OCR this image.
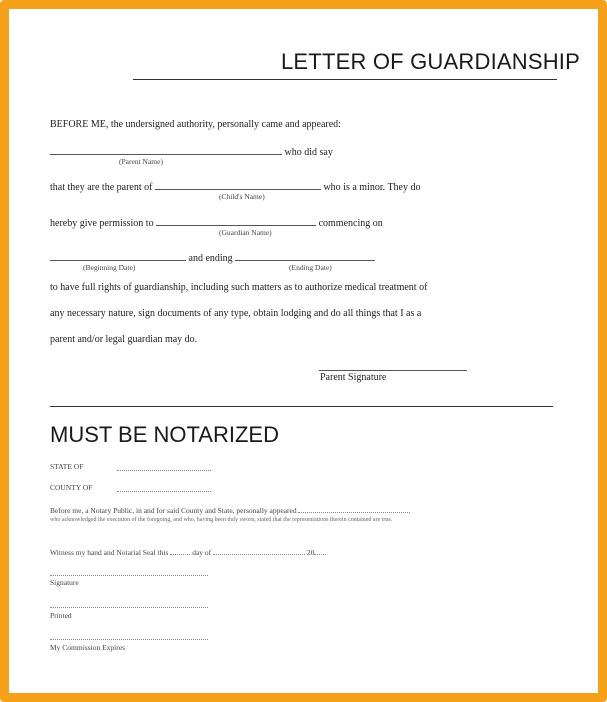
LETTER OF GUARDIANSHIP
BEFORE ME, the undersigned authority, personally came and appeared:
who did say
(Parent Name)
that they are the parent of	who is a minor. They do
(Child's Name)
hereby give permission to	commencing on
(Guardian Name)
and ending
(Beginning Date)	(Ending Date)
to have full rights of guardianship, including such matters as to authorize medical treatment of
any necessary nature, sign documents of any type, obtain lodging and do all things that I as a
parent and/or legal guardian may do.
Parent Signature
MUST BE NOTARIZED
STATE OF
COUNTY OF
Before me, a Notary Public, in and for said County and State, personally appeared
who acknowledged the execution of the foregoing, and who, having been duly sworn, stated that the representations therein contained are true.
Witness my hand and Notarial Seal this	day of	20
Signature
Printed
My Commission Expires
